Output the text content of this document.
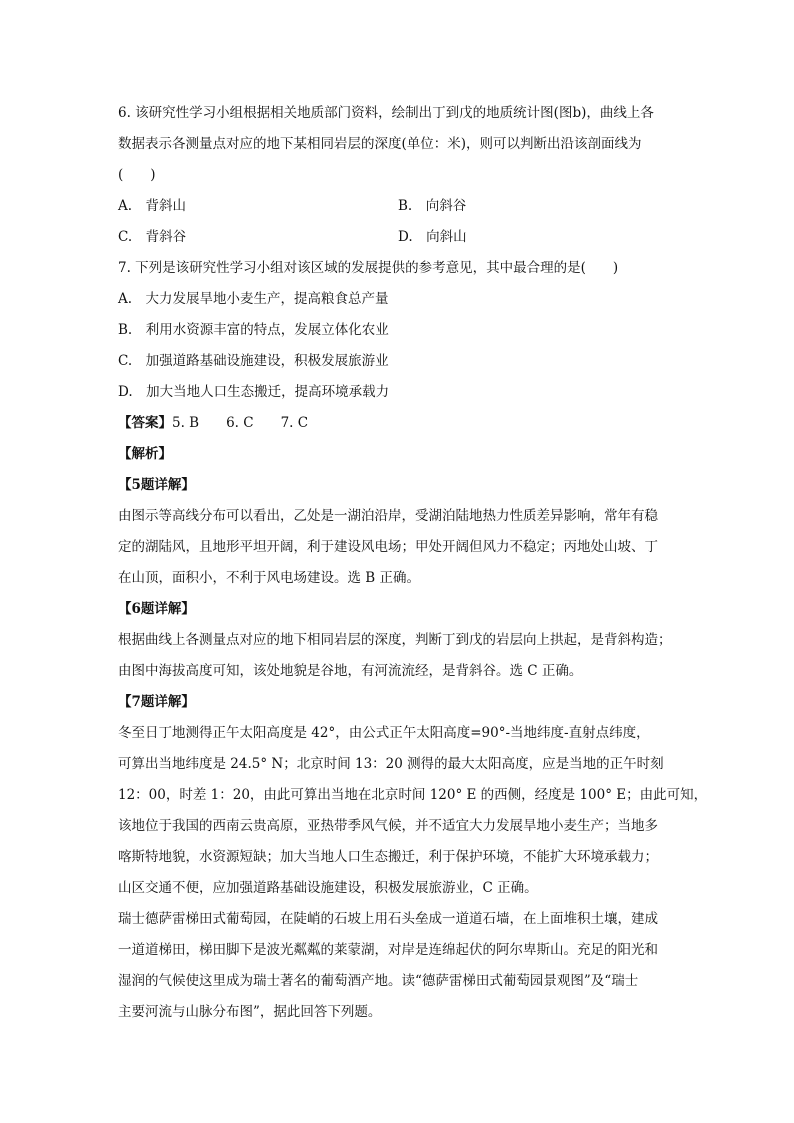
6. 该研究性学习小组根据相关地质部门资料，绘制出丁到戊的地质统计图(图b)，曲线上各
数据表示各测量点对应的地下某相同岩层的深度(单位：米)，则可以判断出沿该剖面线为
(　　)
A.　背斜山	B.　向斜谷
C.　背斜谷	D.　向斜山
7. 下列是该研究性学习小组对该区域的发展提供的参考意见，其中最合理的是(　　)
A.　大力发展旱地小麦生产，提高粮食总产量
B.　利用水资源丰富的特点，发展立体化农业
C.　加强道路基础设施建设，积极发展旅游业
D.　加大当地人口生态搬迁，提高环境承载力
【答案】5. B　　6. C　　7. C
【解析】
【5题详解】
由图示等高线分布可以看出，乙处是一湖泊沿岸，受湖泊陆地热力性质差异影响，常年有稳
定的湖陆风，且地形平坦开阔，利于建设风电场；甲处开阔但风力不稳定；丙地处山坡、丁
在山顶，面积小，不利于风电场建设。选 B 正确。
【6题详解】
根据曲线上各测量点对应的地下相同岩层的深度，判断丁到戊的岩层向上拱起，是背斜构造；
由图中海拔高度可知，该处地貌是谷地，有河流流经，是背斜谷。选 C 正确。
【7题详解】
冬至日丁地测得正午太阳高度是 42°，由公式正午太阳高度=90°-当地纬度-直射点纬度，
可算出当地纬度是 24.5° N；北京时间 13：20 测得的最大太阳高度，应是当地的正午时刻
12：00，时差 1：20，由此可算出当地在北京时间 120° E 的西侧，经度是 100° E；由此可知，
该地位于我国的西南云贵高原，亚热带季风气候，并不适宜大力发展旱地小麦生产；当地多
喀斯特地貌，水资源短缺；加大当地人口生态搬迁，利于保护环境，不能扩大环境承载力；
山区交通不便，应加强道路基础设施建设，积极发展旅游业，C 正确。
瑞士德萨雷梯田式葡萄园，在陡峭的石坡上用石头垒成一道道石墙，在上面堆积土壤，建成
一道道梯田，梯田脚下是波光粼粼的莱蒙湖，对岸是连绵起伏的阿尔卑斯山。充足的阳光和
湿润的气候使这里成为瑞士著名的葡萄酒产地。读“德萨雷梯田式葡萄园景观图”及“瑞士
主要河流与山脉分布图”，据此回答下列题。
